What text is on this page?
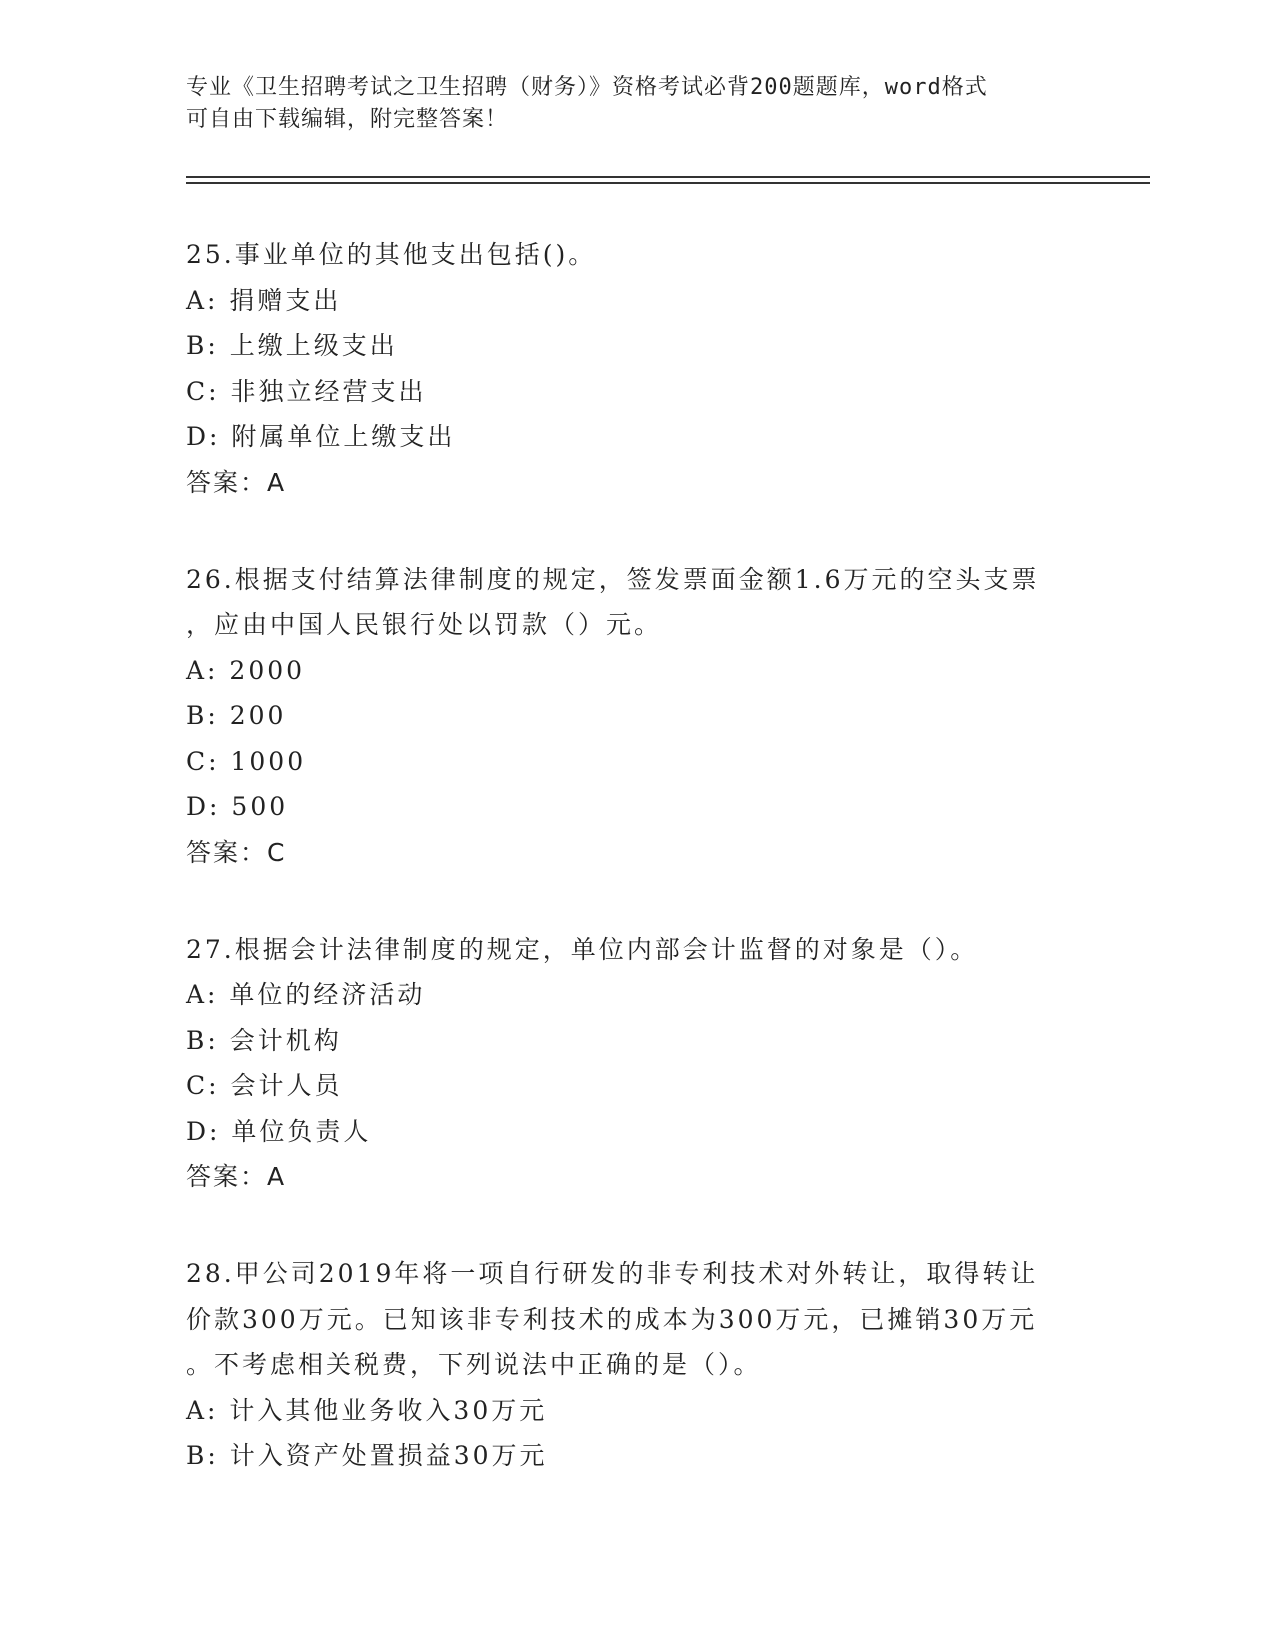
专业《卫生招聘考试之卫生招聘（财务）》资格考试必背200题题库，word格式
可自由下载编辑，附完整答案！
25.事业单位的其他支出包括()。
A: 捐赠支出
B: 上缴上级支出
C: 非独立经营支出
D: 附属单位上缴支出
答案：A
26.根据支付结算法律制度的规定，签发票面金额1.6万元的空头支票
，应由中国人民银行处以罚款（）元。
A: 2000
B: 200
C: 1000
D: 500
答案：C
27.根据会计法律制度的规定，单位内部会计监督的对象是（）。
A: 单位的经济活动
B: 会计机构
C: 会计人员
D: 单位负责人
答案：A
28.甲公司2019年将一项自行研发的非专利技术对外转让，取得转让
价款300万元。已知该非专利技术的成本为300万元，已摊销30万元
。不考虑相关税费，下列说法中正确的是（）。
A: 计入其他业务收入30万元
B: 计入资产处置损益30万元
